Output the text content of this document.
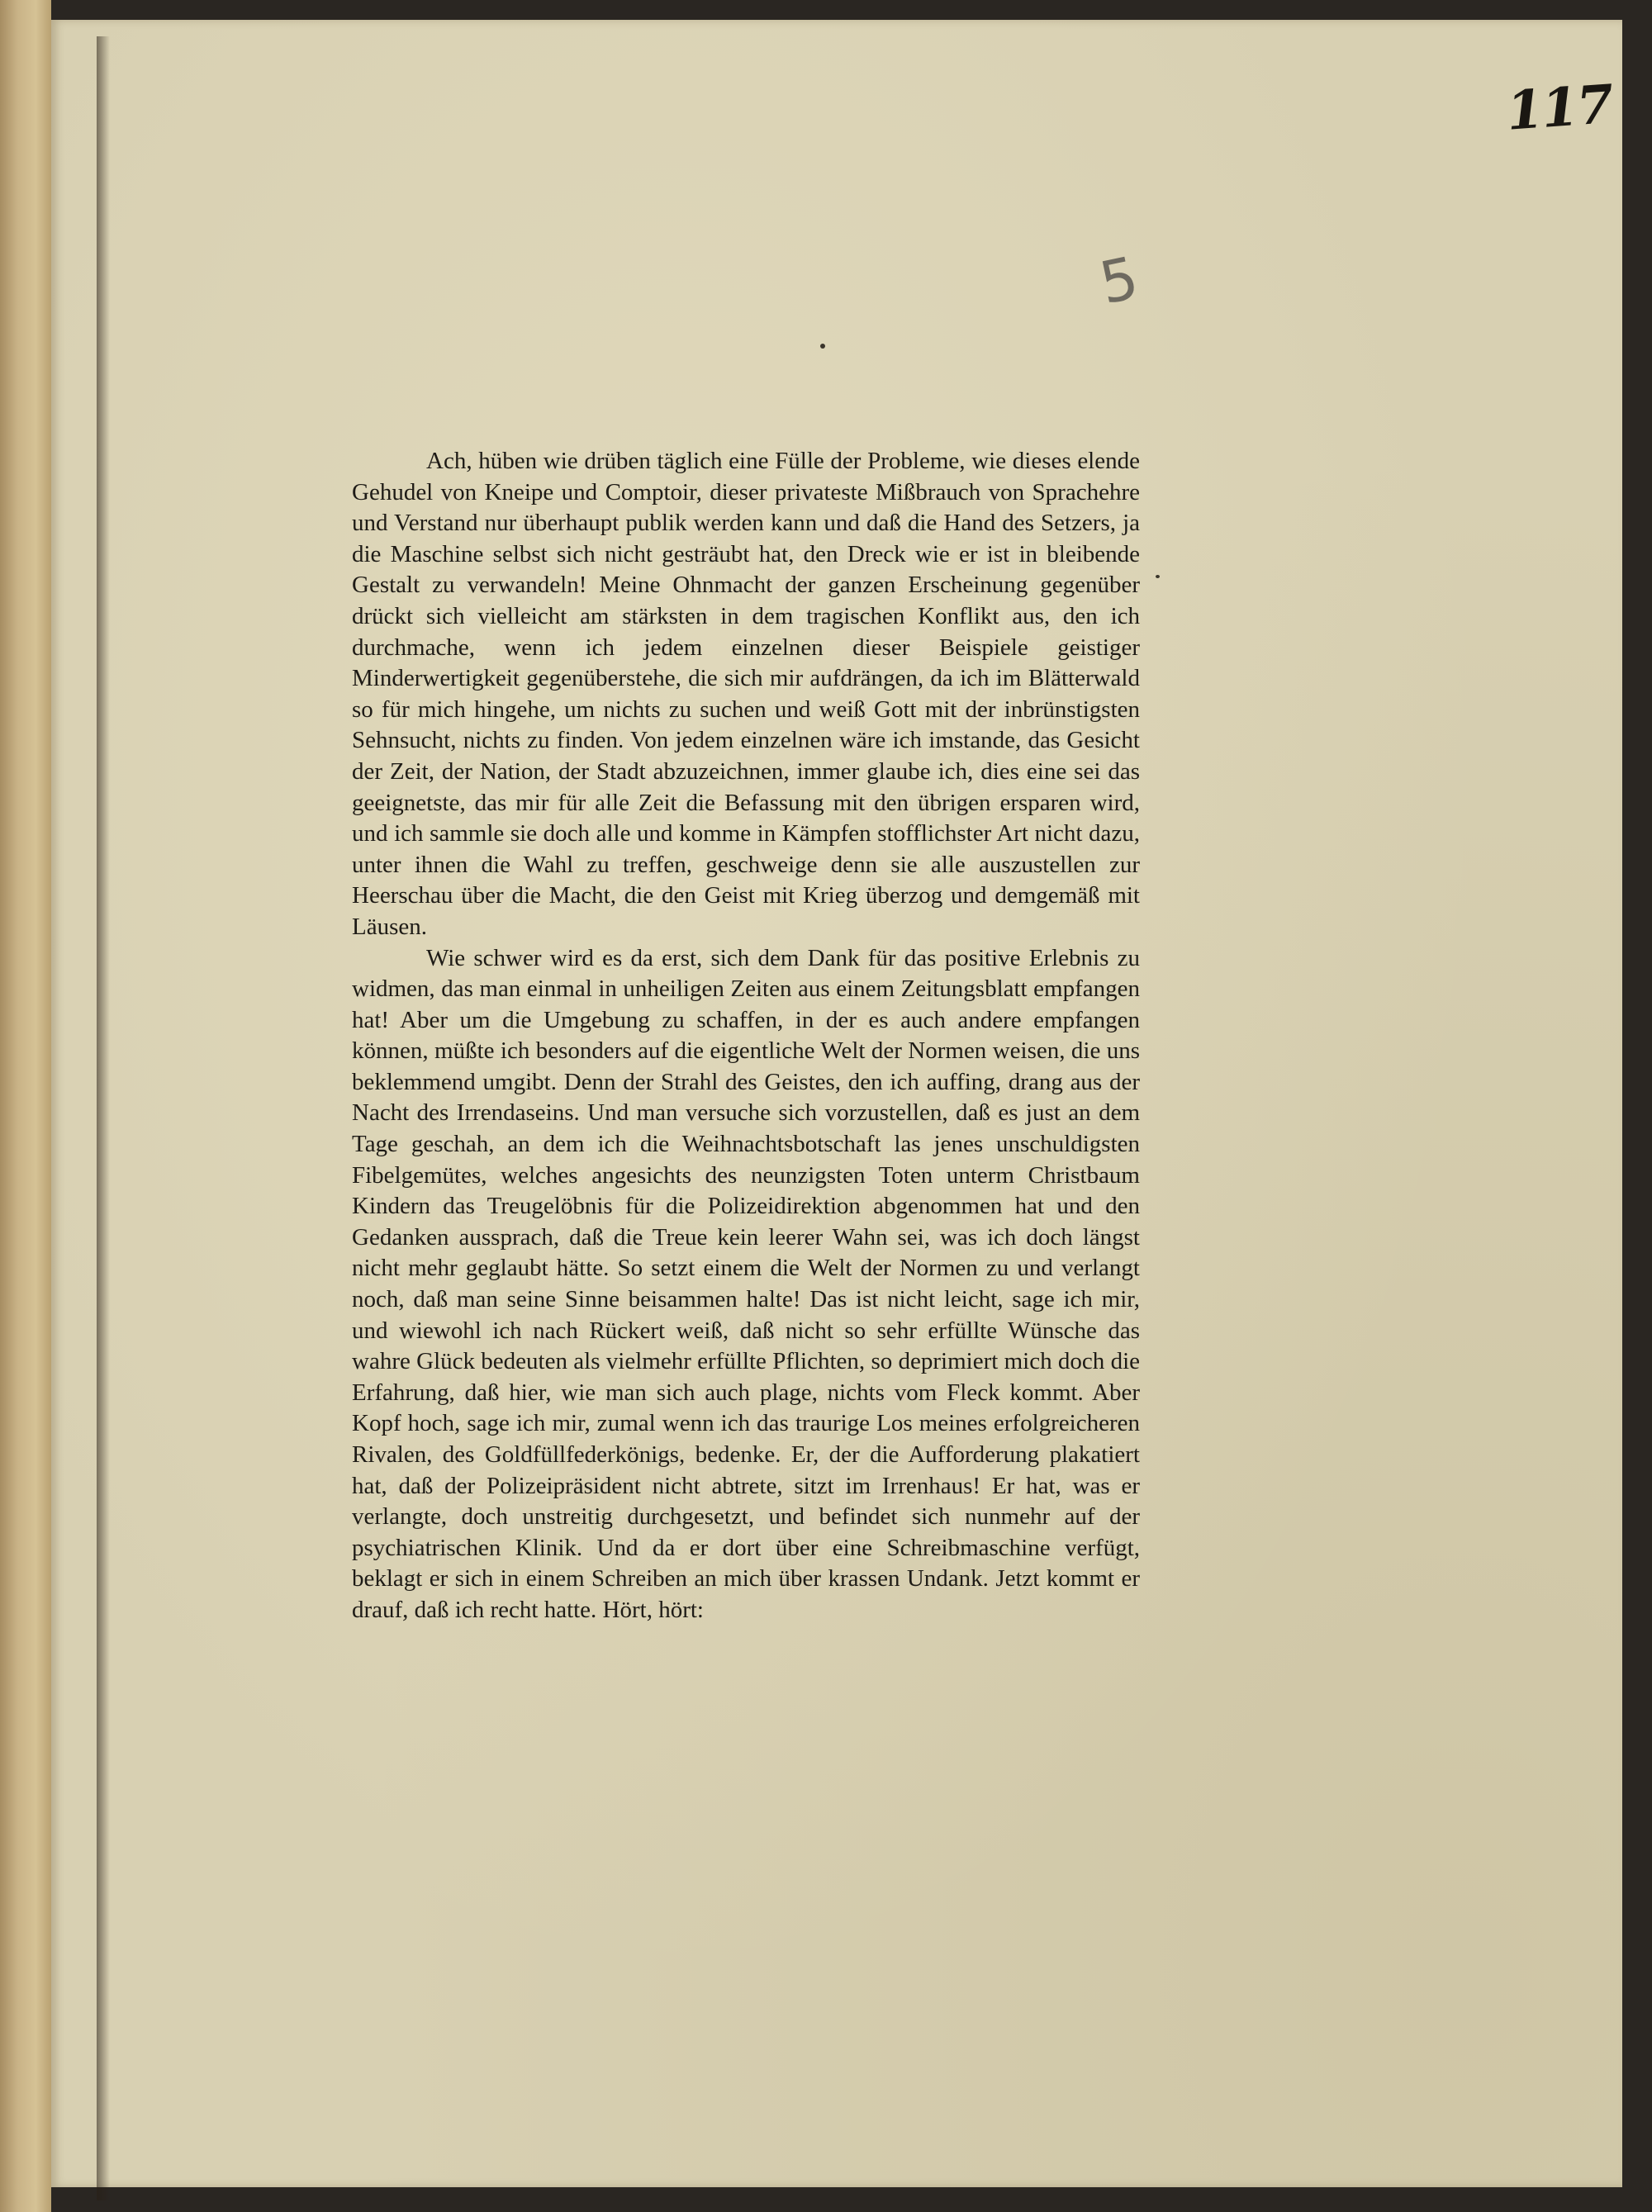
117
5

Ach, hüben wie drüben täglich eine Fülle der Probleme, wie dieses elende Gehudel von Kneipe und Comptoir, dieser privateste Mißbrauch von Sprachehre und Verstand nur überhaupt publik werden kann und daß die Hand des Setzers, ja die Maschine selbst sich nicht gesträubt hat, den Dreck wie er ist in bleibende Gestalt zu verwandeln! Meine Ohnmacht der ganzen Erscheinung gegenüber drückt sich vielleicht am stärksten in dem tragischen Konflikt aus, den ich durchmache, wenn ich jedem einzelnen dieser Beispiele geistiger Minderwertigkeit gegenüberstehe, die sich mir aufdrängen, da ich im Blätterwald so für mich hingehe, um nichts zu suchen und weiß Gott mit der inbrünstigsten Sehnsucht, nichts zu finden. Von jedem einzelnen wäre ich imstande, das Gesicht der Zeit, der Nation, der Stadt abzuzeichnen, immer glaube ich, dies eine sei das geeignetste, das mir für alle Zeit die Befassung mit den übrigen ersparen wird, und ich sammle sie doch alle und komme in Kämpfen stofflichster Art nicht dazu, unter ihnen die Wahl zu treffen, geschweige denn sie alle auszustellen zur Heerschau über die Macht, die den Geist mit Krieg überzog und demgemäß mit Läusen.

Wie schwer wird es da erst, sich dem Dank für das positive Erlebnis zu widmen, das man einmal in unheiligen Zeiten aus einem Zeitungsblatt empfangen hat! Aber um die Umgebung zu schaffen, in der es auch andere empfangen können, müßte ich besonders auf die eigentliche Welt der Normen weisen, die uns beklemmend umgibt. Denn der Strahl des Geistes, den ich auffing, drang aus der Nacht des Irrendaseins. Und man versuche sich vorzustellen, daß es just an dem Tage geschah, an dem ich die Weihnachtsbotschaft las jenes unschuldigsten Fibelgemütes, welches angesichts des neunzigsten Toten unterm Christbaum Kindern das Treugelöbnis für die Polizeidirektion abgenommen hat und den Gedanken aussprach, daß die Treue kein leerer Wahn sei, was ich doch längst nicht mehr geglaubt hätte. So setzt einem die Welt der Normen zu und verlangt noch, daß man seine Sinne beisammen halte! Das ist nicht leicht, sage ich mir, und wiewohl ich nach Rückert weiß, daß nicht so sehr erfüllte Wünsche das wahre Glück bedeuten als vielmehr erfüllte Pflichten, so deprimiert mich doch die Erfahrung, daß hier, wie man sich auch plage, nichts vom Fleck kommt. Aber Kopf hoch, sage ich mir, zumal wenn ich das traurige Los meines erfolgreicheren Rivalen, des Goldfüllfederkönigs, bedenke. Er, der die Aufforderung plakatiert hat, daß der Polizeipräsident nicht abtrete, sitzt im Irrenhaus! Er hat, was er verlangte, doch unstreitig durchgesetzt, und befindet sich nunmehr auf der psychiatrischen Klinik. Und da er dort über eine Schreibmaschine verfügt, beklagt er sich in einem Schreiben an mich über krassen Undank. Jetzt kommt er drauf, daß ich recht hatte. Hört, hört:
